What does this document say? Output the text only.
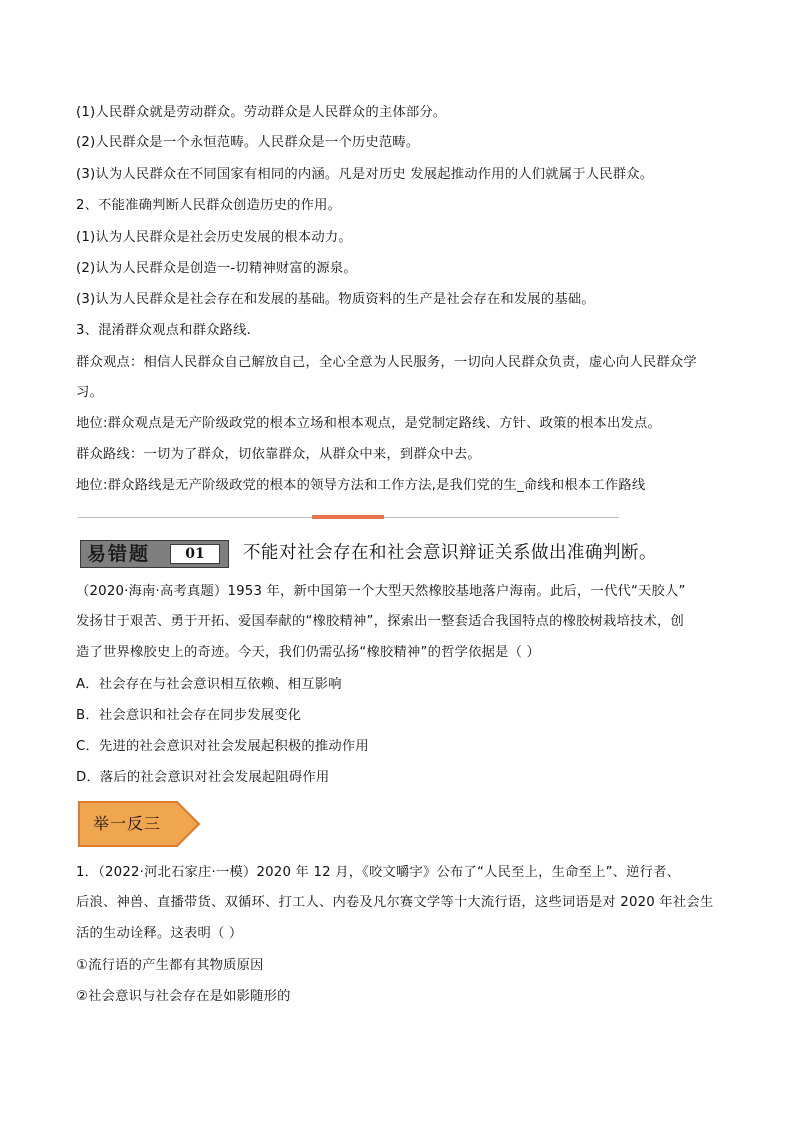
(1)人民群众就是劳动群众。劳动群众是人民群众的主体部分。
(2)人民群众是一个永恒范畴。人民群众是一个历史范畴。
(3)认为人民群众在不同国家有相同的内涵。凡是对历史 发展起推动作用的人们就属于人民群众。
2、不能准确判断人民群众创造历史的作用。
(1)认为人民群众是社会历史发展的根本动力。
(2)认为人民群众是创造一-切精神财富的源泉。
(3)认为人民群众是社会存在和发展的基础。物质资料的生产是社会存在和发展的基础。
3、混淆群众观点和群众路线.
群众观点：相信人民群众自己解放自己，全心全意为人民服务，一切向人民群众负责，虚心向人民群众学
习。
地位:群众观点是无产阶级政党的根本立场和根本观点，是党制定路线、方针、政策的根本出发点。
群众路线：一切为了群众，切依靠群众，从群众中来，到群众中去。
地位:群众路线是无产阶级政党的根本的领导方法和工作方法,是我们党的生_命线和根本工作路线
易错题	01	不能对社会存在和社会意识辩证关系做出准确判断。
（2020·海南·高考真题）1953 年，新中国第一个大型天然橡胶基地落户海南。此后，一代代“天胶人”
发扬甘于艰苦、勇于开拓、爱国奉献的“橡胶精神”，探索出一整套适合我国特点的橡胶树栽培技术，创
造了世界橡胶史上的奇迹。今天，我们仍需弘扬“橡胶精神”的哲学依据是（ ）
A．社会存在与社会意识相互依赖、相互影响
B．社会意识和社会存在同步发展变化
C．先进的社会意识对社会发展起积极的推动作用
D．落后的社会意识对社会发展起阻碍作用
举一反三
1．（2022·河北石家庄·一模）2020 年 12 月，《咬文嚼字》公布了“人民至上，生命至上”、逆行者、
后浪、神兽、直播带货、双循环、打工人、内卷及凡尔赛文学等十大流行语，这些词语是对 2020 年社会生
活的生动诠释。这表明（ ）
①流行语的产生都有其物质原因
②社会意识与社会存在是如影随形的
